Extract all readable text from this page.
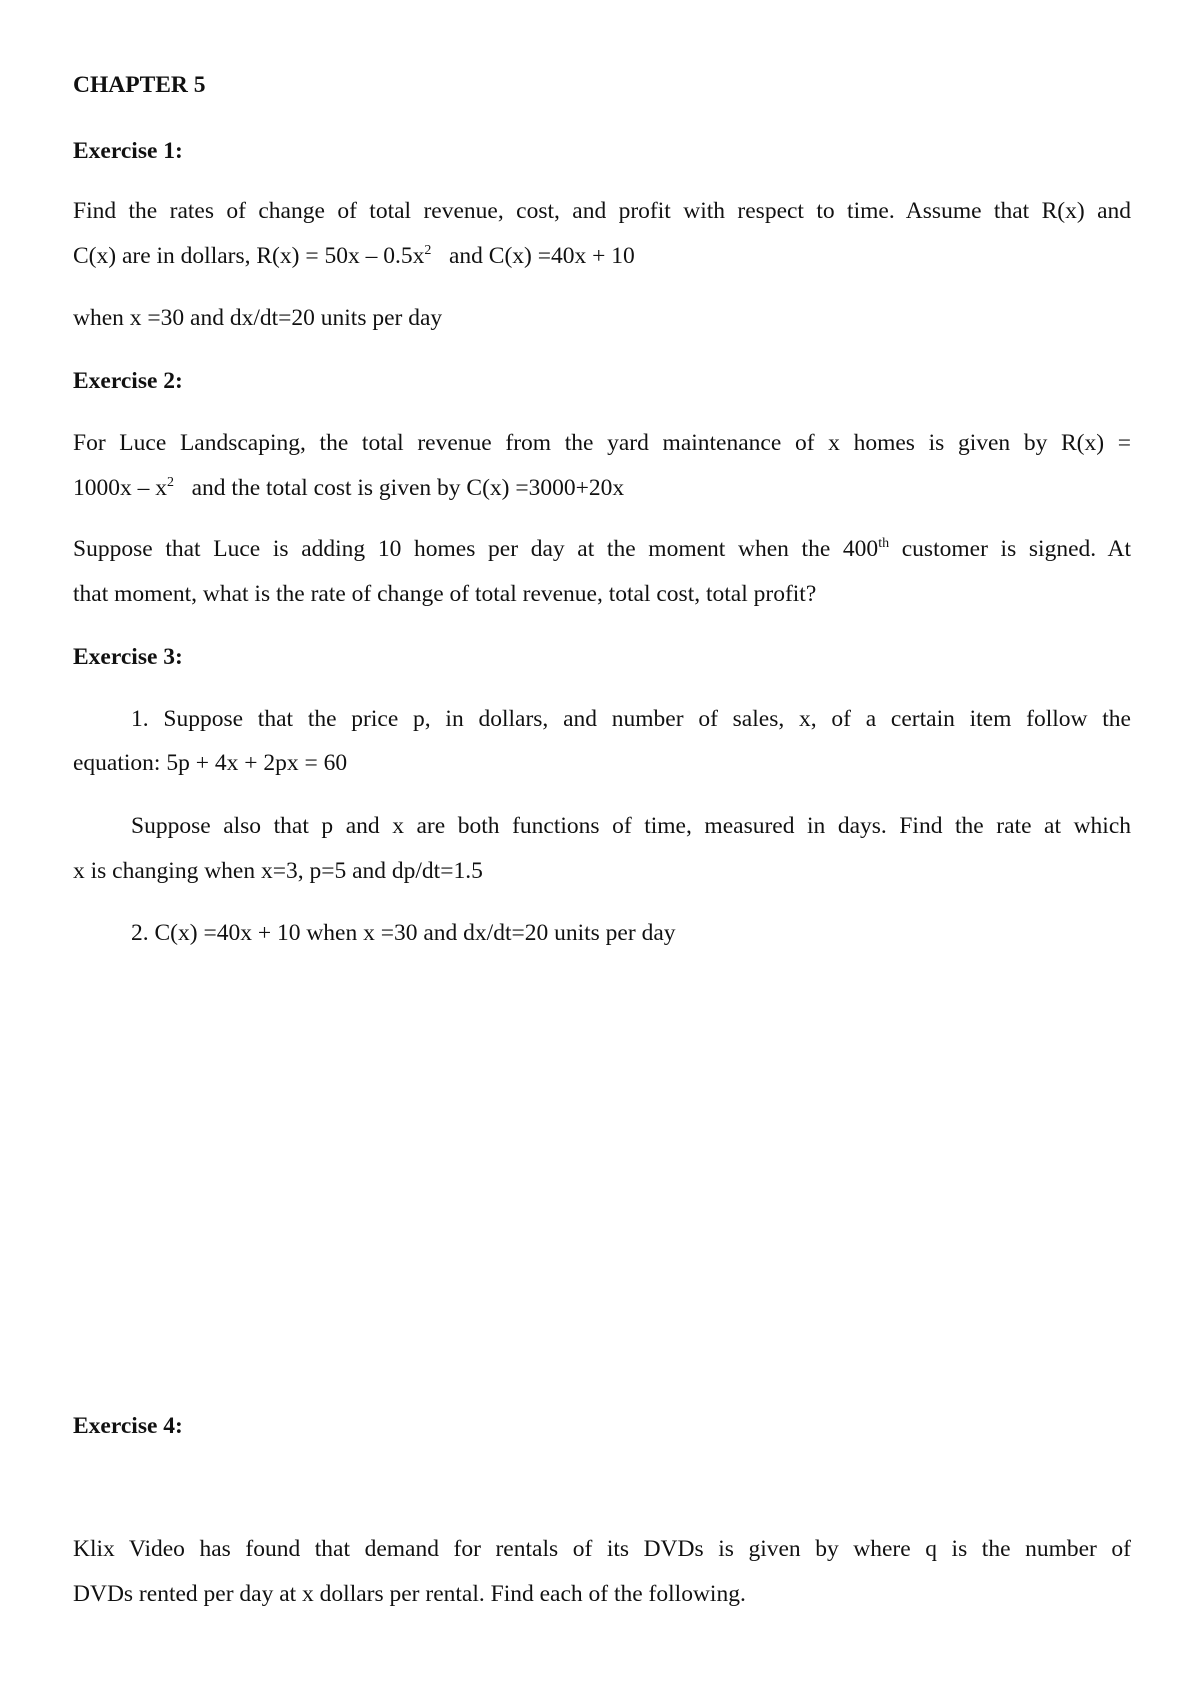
CHAPTER 5
Exercise 1:
Find the rates of change of total revenue, cost, and profit with respect to time. Assume that R(x) and
C(x) are in dollars, $R(x) = 50x - 0.5x^2$ and C(x) =40x + 10
when x =30 and dx/dt=20 units per day
Exercise 2:
For Luce Landscaping, the total revenue from the yard maintenance of x homes is given by R(x) =
$1000x - x^2$ and the total cost is given by C(x) =3000+20x
Suppose that Luce is adding 10 homes per day at the moment when the 400th customer is signed. At
that moment, what is the rate of change of total revenue, total cost, total profit?
Exercise 3:
1. Suppose that the price p, in dollars, and number of sales, x, of a certain item follow the
equation: 5p + 4x + 2px = 60
Suppose also that p and x are both functions of time, measured in days. Find the rate at which
x is changing when x=3, p=5 and dp/dt=1.5
2. C(x) =40x + 10 when x =30 and dx/dt=20 units per day
Exercise 4:
Klix Video has found that demand for rentals of its DVDs is given by where q is the number of
DVDs rented per day at x dollars per rental. Find each of the following.
